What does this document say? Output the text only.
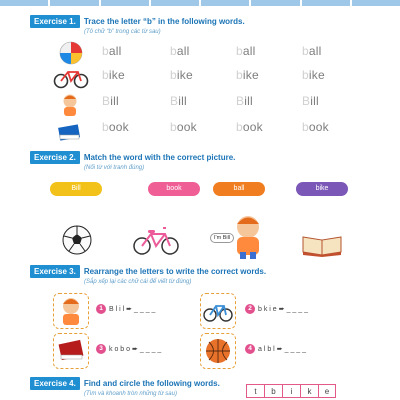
Exercise 1.	Trace the letter “b” in the following words.
(Tô chữ “b” trong các từ sau)
ball	ball	ball	ball
bike	bike	bike	bike
Bill	Bill	Bill	Bill
book	book	book	book
Exercise 2.	Match the word with the correct picture.
(Nối từ với tranh đúng)
Bill	book	ball	bike
I'm Bill
Exercise 3.	Rearrange the letters to write the correct words.
(Sắp xếp lại các chữ cái để viết từ đúng)
1 B l i l ➨ _ _ _ _	2 b k i e ➨ _ _ _ _
3 k o b o ➨ _ _ _ _	4 a l b l ➨ _ _ _ _
Exercise 4.	Find and circle the following words.
(Tìm và khoanh tròn những từ sau)	t	b	i	k	e
